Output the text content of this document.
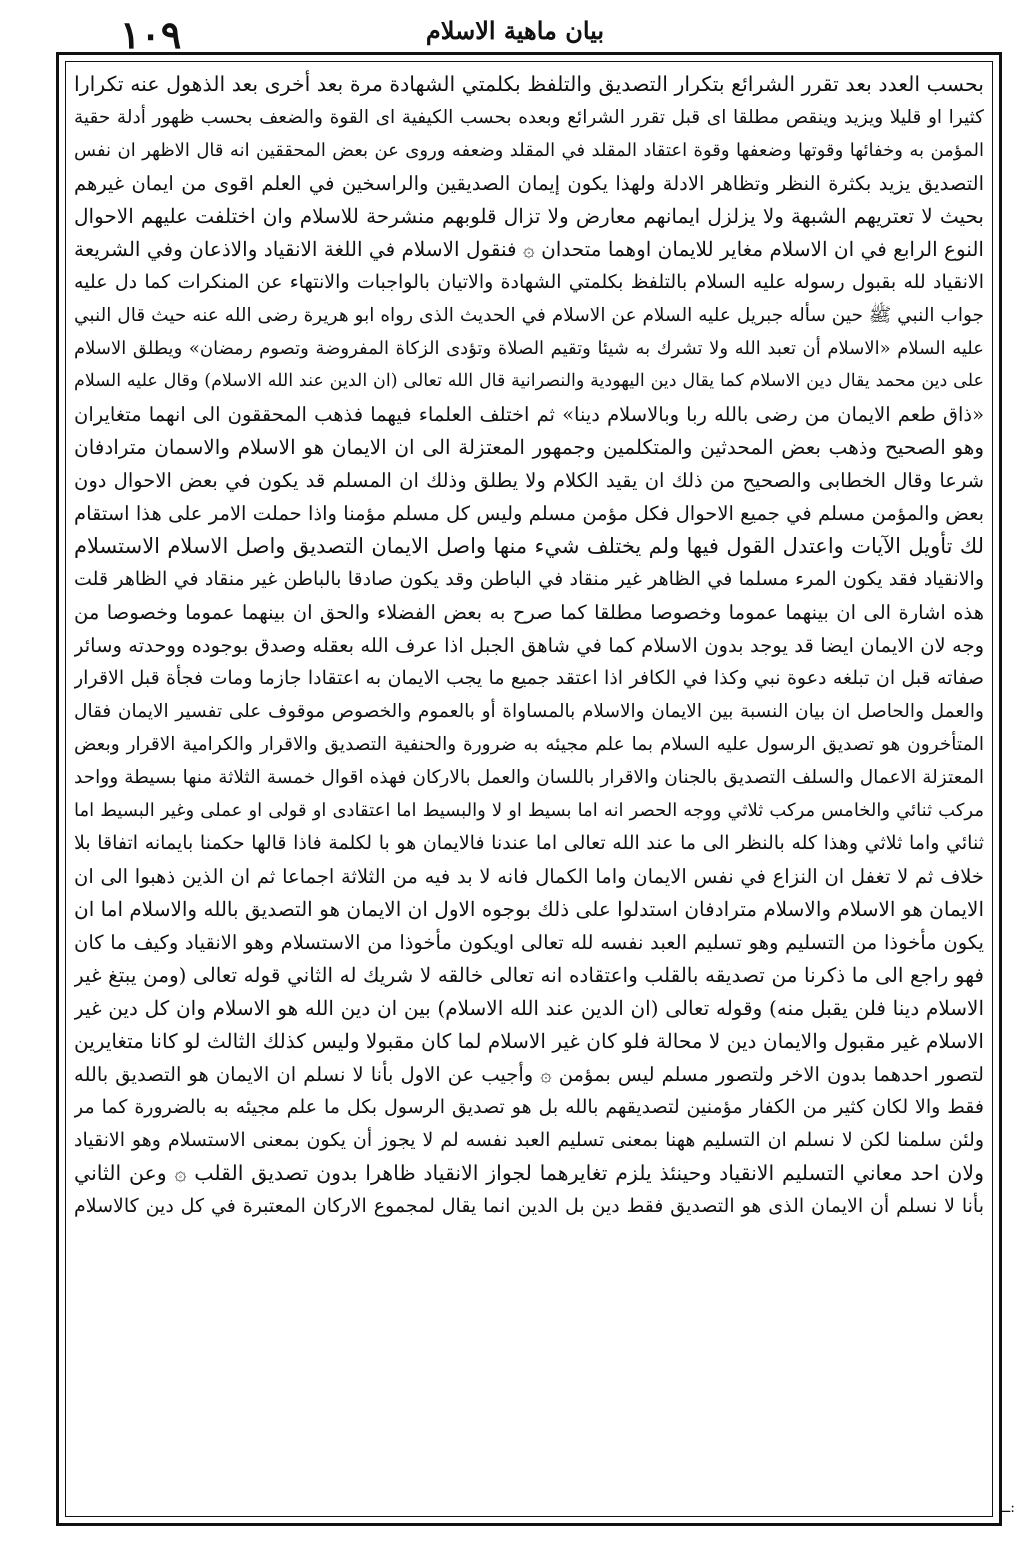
١٠٩	بيان ماهية الاسلام
بحسب العدد بعد تقرر الشرائع بتكرار التصديق والتلفظ بكلمتي الشهادة مرة بعد أخرى بعد الذهول عنه تكرارا
كثيرا او قليلا ويزيد وينقص مطلقا اى قبل تقرر الشرائع وبعده بحسب الكيفية اى القوة والضعف بحسب ظهور أدلة حقية
المؤمن به وخفائها وقوتها وضعفها وقوة اعتقاد المقلد في المقلد وضعفه وروى عن بعض المحققين انه قال الاظهر ان نفس
التصديق يزيد بكثرة النظر وتظاهر الادلة ولهذا يكون إيمان الصديقين والراسخين في العلم اقوى من ايمان غيرهم
بحيث لا تعتريهم الشبهة ولا يزلزل ايمانهم معارض ولا تزال قلوبهم منشرحة للاسلام وان اختلفت عليهم الاحوال
النوع الرابع في ان الاسلام مغاير للايمان اوهما متحدان ۞ فنقول الاسلام في اللغة الانقياد والاذعان وفي الشريعة
الانقياد لله بقبول رسوله عليه السلام بالتلفظ بكلمتي الشهادة والاتيان بالواجبات والانتهاء عن المنكرات كما دل عليه
جواب النبي ﷺ حين سأله جبريل عليه السلام عن الاسلام في الحديث الذى رواه ابو هريرة رضى الله عنه حيث قال النبي
عليه السلام «الاسلام أن تعبد الله ولا تشرك به شيئا وتقيم الصلاة وتؤدى الزكاة المفروضة وتصوم رمضان» ويطلق الاسلام
على دين محمد يقال دين الاسلام كما يقال دين اليهودية والنصرانية قال الله تعالى (ان الدين عند الله الاسلام) وقال عليه السلام
«ذاق طعم الايمان من رضى بالله ربا وبالاسلام دينا» ثم اختلف العلماء فيهما فذهب المحققون الى انهما متغايران
وهو الصحيح وذهب بعض المحدثين والمتكلمين وجمهور المعتزلة الى ان الايمان هو الاسلام والاسمان مترادفان
شرعا وقال الخطابى والصحيح من ذلك ان يقيد الكلام ولا يطلق وذلك ان المسلم قد يكون في بعض الاحوال دون
بعض والمؤمن مسلم في جميع الاحوال فكل مؤمن مسلم وليس كل مسلم مؤمنا واذا حملت الامر على هذا استقام
لك تأويل الآيات واعتدل القول فيها ولم يختلف شيء منها واصل الايمان التصديق واصل الاسلام الاستسلام
والانقياد فقد يكون المرء مسلما في الظاهر غير منقاد في الباطن وقد يكون صادقا بالباطن غير منقاد في الظاهر قلت
هذه اشارة الى ان بينهما عموما وخصوصا مطلقا كما صرح به بعض الفضلاء والحق ان بينهما عموما وخصوصا من
وجه لان الايمان ايضا قد يوجد بدون الاسلام كما في شاهق الجبل اذا عرف الله بعقله وصدق بوجوده ووحدته وسائر
صفاته قبل ان تبلغه دعوة نبي وكذا في الكافر اذا اعتقد جميع ما يجب الايمان به اعتقادا جازما ومات فجأة قبل الاقرار
والعمل والحاصل ان بيان النسبة بين الايمان والاسلام بالمساواة أو بالعموم والخصوص موقوف على تفسير الايمان فقال
المتأخرون هو تصديق الرسول عليه السلام بما علم مجيئه به ضرورة والحنفية التصديق والاقرار والكرامية الاقرار وبعض
المعتزلة الاعمال والسلف التصديق بالجنان والاقرار باللسان والعمل بالاركان فهذه اقوال خمسة الثلاثة منها بسيطة وواحد
مركب ثنائي والخامس مركب ثلاثي ووجه الحصر انه اما بسيط او لا والبسيط اما اعتقادى او قولى او عملى وغير البسيط اما
ثنائي واما ثلاثي وهذا كله بالنظر الى ما عند الله تعالى اما عندنا فالايمان هو با لكلمة فاذا قالها حكمنا بايمانه اتفاقا بلا
خلاف ثم لا تغفل ان النزاع في نفس الايمان واما الكمال فانه لا بد فيه من الثلاثة اجماعا ثم ان الذين ذهبوا الى ان
الايمان هو الاسلام والاسلام مترادفان استدلوا على ذلك بوجوه الاول ان الايمان هو التصديق بالله والاسلام اما ان
يكون مأخوذا من التسليم وهو تسليم العبد نفسه لله تعالى اويكون مأخوذا من الاستسلام وهو الانقياد وكيف ما كان
فهو راجع الى ما ذكرنا من تصديقه بالقلب واعتقاده انه تعالى خالقه لا شريك له الثاني قوله تعالى (ومن يبتغ غير
الاسلام دينا فلن يقبل منه) وقوله تعالى (ان الدين عند الله الاسلام) بين ان دين الله هو الاسلام وان كل دين غير
الاسلام غير مقبول والايمان دين لا محالة فلو كان غير الاسلام لما كان مقبولا وليس كذلك الثالث لو كانا متغايرين
لتصور احدهما بدون الاخر ولتصور مسلم ليس بمؤمن ۞ وأجيب عن الاول بأنا لا نسلم ان الايمان هو التصديق بالله
فقط والا لكان كثير من الكفار مؤمنين لتصديقهم بالله بل هو تصديق الرسول بكل ما علم مجيئه به بالضرورة كما مر
ولئن سلمنا لكن لا نسلم ان التسليم ههنا بمعنى تسليم العبد نفسه لم لا يجوز أن يكون بمعنى الاستسلام وهو الانقياد
ولان احد معاني التسليم الانقياد وحينئذ يلزم تغايرهما لجواز الانقياد ظاهرا بدون تصديق القلب ۞ وعن الثاني
بأنا لا نسلم أن الايمان الذى هو التصديق فقط دين بل الدين انما يقال لمجموع الاركان المعتبرة في كل دين كالاسلام
ــ:
